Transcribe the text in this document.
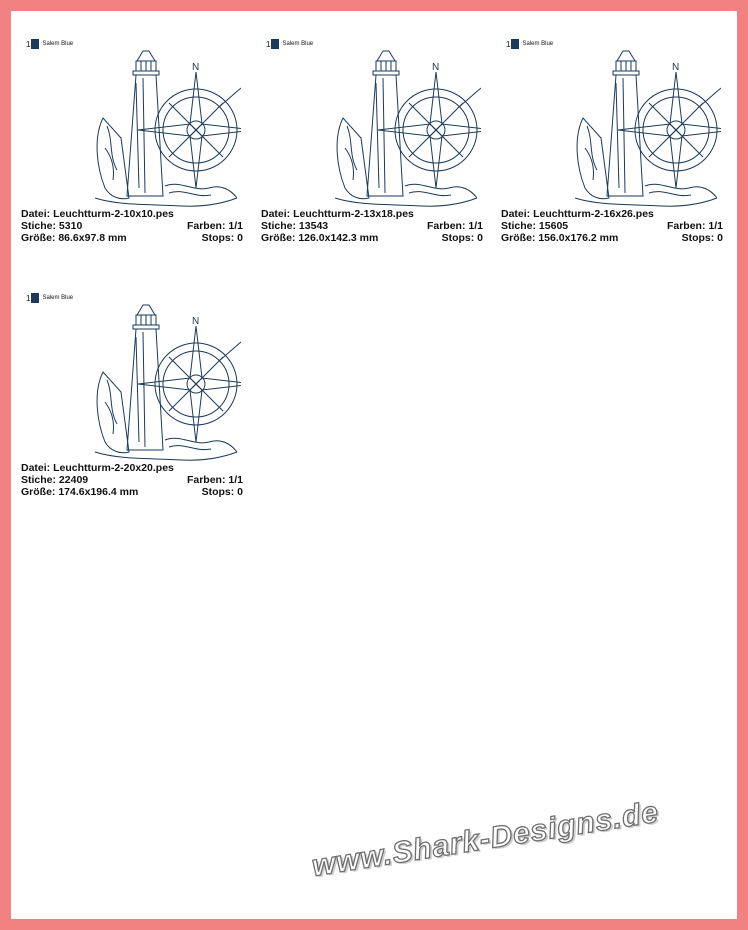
1 Salem Blue
N
Datei: Leuchtturm-2-10x10.pes
Stiche: 5310	Farben: 1/1
Größe: 86.6x97.8 mm	Stops: 0
1 Salem Blue
N
Datei: Leuchtturm-2-13x18.pes
Stiche: 13543	Farben: 1/1
Größe: 126.0x142.3 mm	Stops: 0
1 Salem Blue
N
Datei: Leuchtturm-2-16x26.pes
Stiche: 15605	Farben: 1/1
Größe: 156.0x176.2 mm	Stops: 0
1 Salem Blue
N
Datei: Leuchtturm-2-20x20.pes
Stiche: 22409	Farben: 1/1
Größe: 174.6x196.4 mm	Stops: 0
www.Shark-Designs.de
